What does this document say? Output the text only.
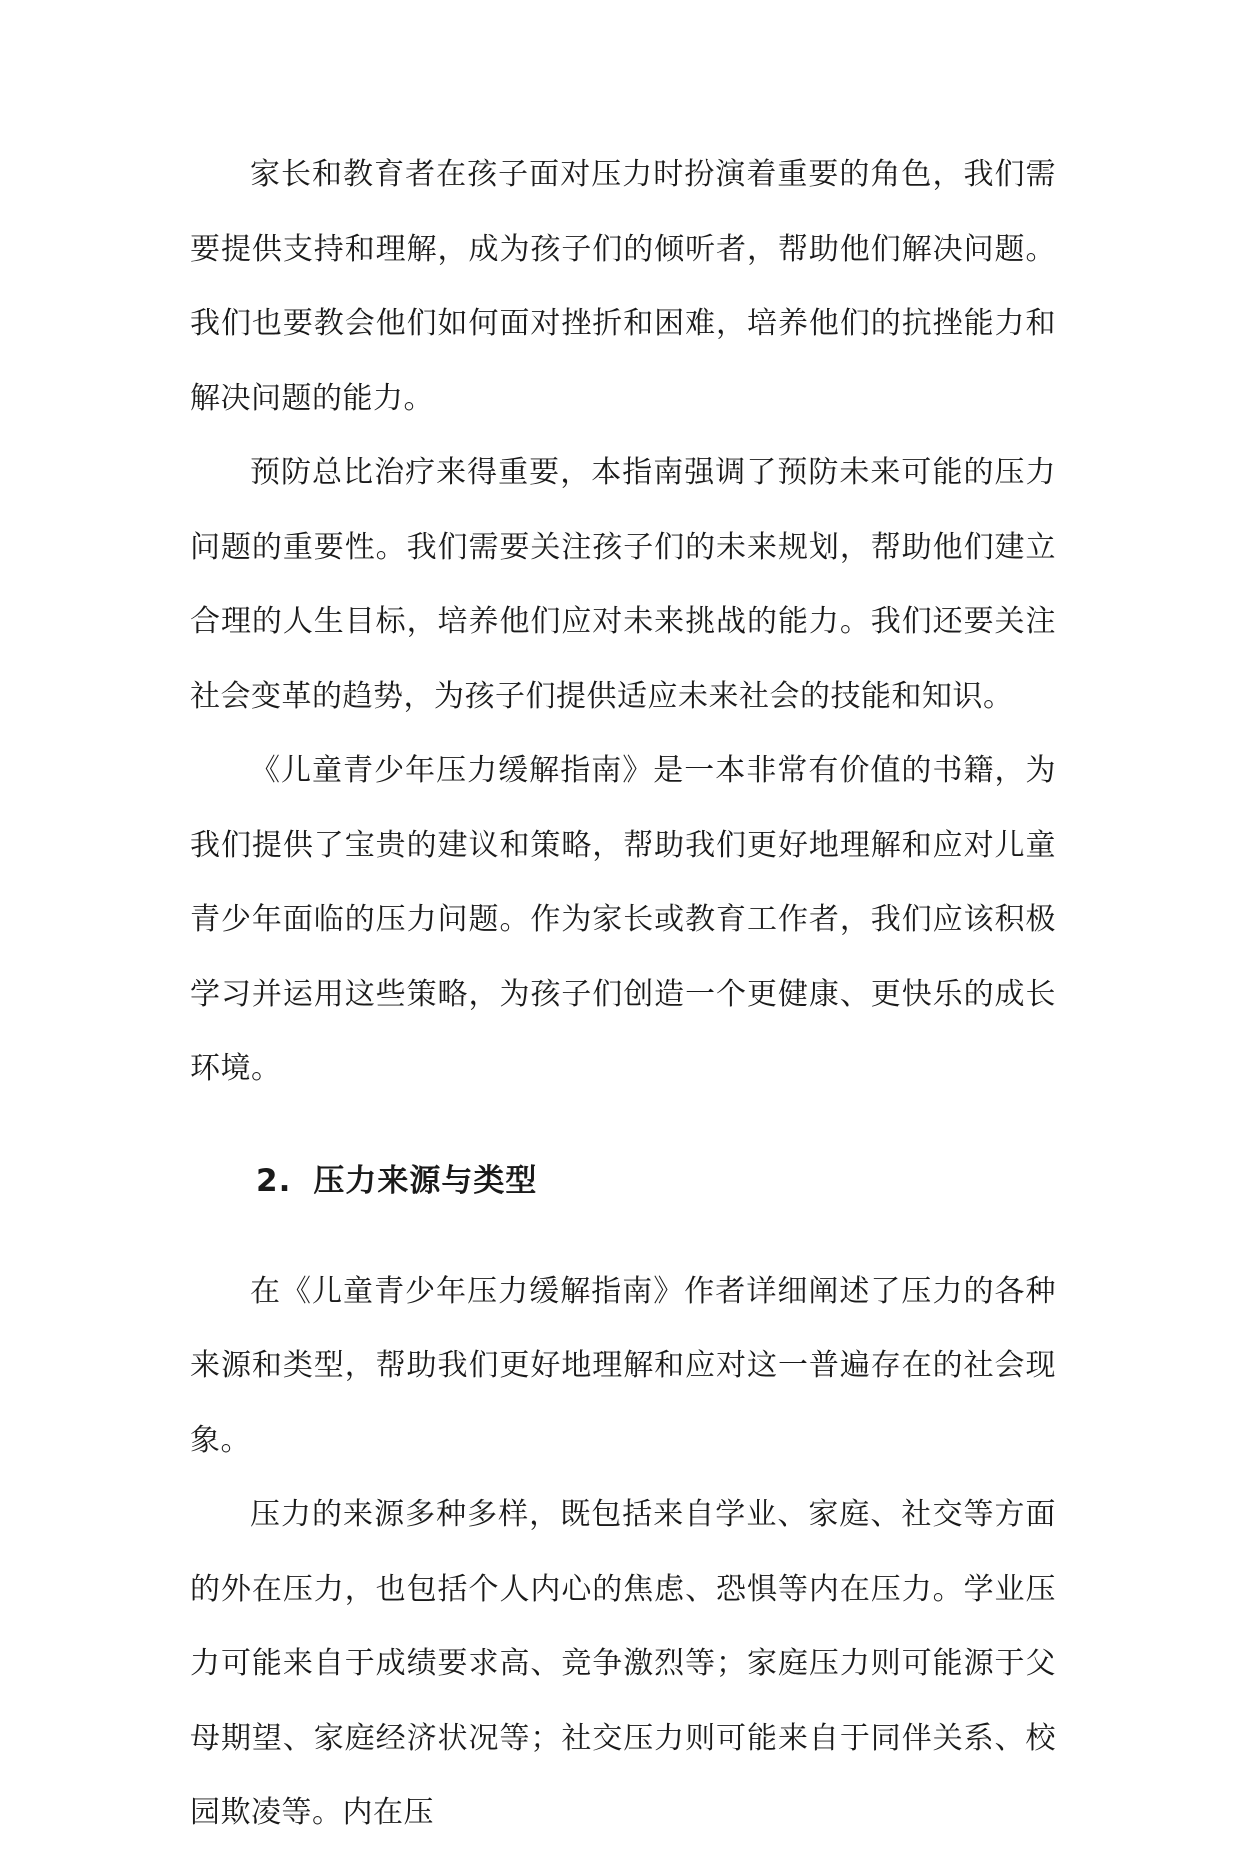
家长和教育者在孩子面对压力时扮演着重要的角色，我们需要提供支持和理解，成为孩子们的倾听者，帮助他们解决问题。我们也要教会他们如何面对挫折和困难，培养他们的抗挫能力和解决问题的能力。

预防总比治疗来得重要，本指南强调了预防未来可能的压力问题的重要性。我们需要关注孩子们的未来规划，帮助他们建立合理的人生目标，培养他们应对未来挑战的能力。我们还要关注社会变革的趋势，为孩子们提供适应未来社会的技能和知识。

《儿童青少年压力缓解指南》是一本非常有价值的书籍，为我们提供了宝贵的建议和策略，帮助我们更好地理解和应对儿童青少年面临的压力问题。作为家长或教育工作者，我们应该积极学习并运用这些策略，为孩子们创造一个更健康、更快乐的成长环境。

2. 压力来源与类型

在《儿童青少年压力缓解指南》作者详细阐述了压力的各种来源和类型，帮助我们更好地理解和应对这一普遍存在的社会现象。

压力的来源多种多样，既包括来自学业、家庭、社交等方面的外在压力，也包括个人内心的焦虑、恐惧等内在压力。学业压力可能来自于成绩要求高、竞争激烈等；家庭压力则可能源于父母期望、家庭经济状况等；社交压力则可能来自于同伴关系、校园欺凌等。内在压
